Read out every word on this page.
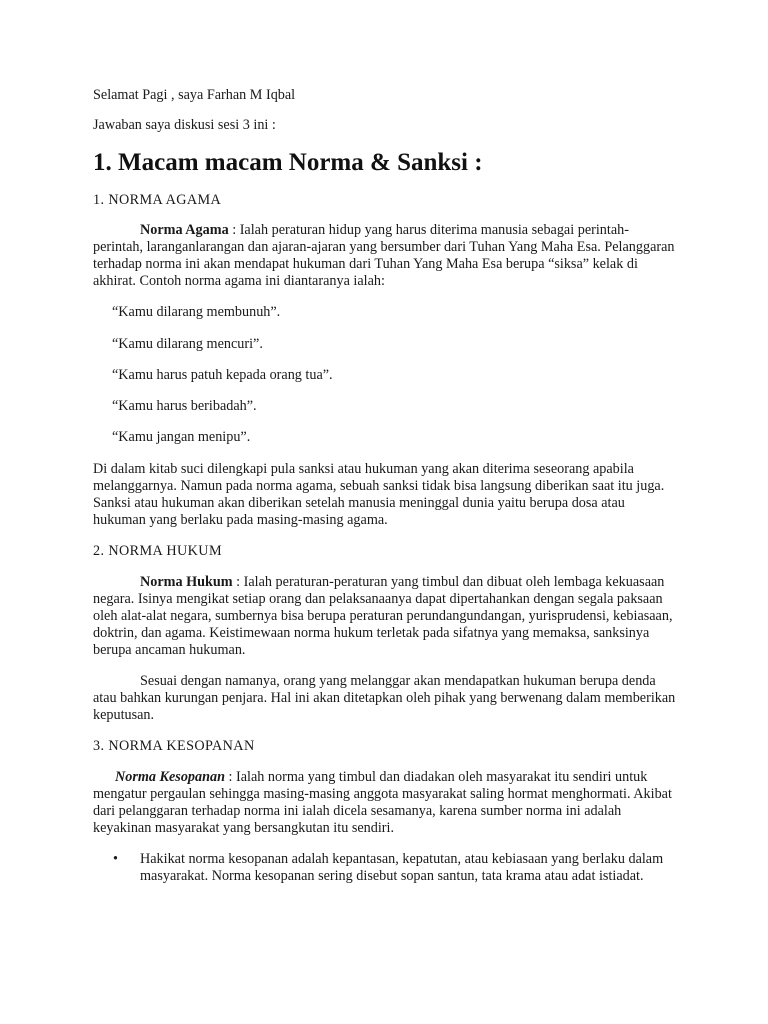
Selamat Pagi , saya Farhan M Iqbal

Jawaban saya diskusi sesi 3 ini :

1. Macam macam Norma & Sanksi :

1. NORMA AGAMA

Norma Agama : Ialah peraturan hidup yang harus diterima manusia sebagai perintah-perintah, laranganlarangan dan ajaran-ajaran yang bersumber dari Tuhan Yang Maha Esa. Pelanggaran terhadap norma ini akan mendapat hukuman dari Tuhan Yang Maha Esa berupa “siksa” kelak di akhirat. Contoh norma agama ini diantaranya ialah:

“Kamu dilarang membunuh”.

“Kamu dilarang mencuri”.

“Kamu harus patuh kepada orang tua”.

“Kamu harus beribadah”.

“Kamu jangan menipu”.

Di dalam kitab suci dilengkapi pula sanksi atau hukuman yang akan diterima seseorang apabila melanggarnya. Namun pada norma agama, sebuah sanksi tidak bisa langsung diberikan saat itu juga. Sanksi atau hukuman akan diberikan setelah manusia meninggal dunia yaitu berupa dosa atau hukuman yang berlaku pada masing-masing agama.

2. NORMA HUKUM

Norma Hukum : Ialah peraturan-peraturan yang timbul dan dibuat oleh lembaga kekuasaan negara. Isinya mengikat setiap orang dan pelaksanaanya dapat dipertahankan dengan segala paksaan oleh alat-alat negara, sumbernya bisa berupa peraturan perundangundangan, yurisprudensi, kebiasaan, doktrin, dan agama. Keistimewaan norma hukum terletak pada sifatnya yang memaksa, sanksinya berupa ancaman hukuman.

Sesuai dengan namanya, orang yang melanggar akan mendapatkan hukuman berupa denda atau bahkan kurungan penjara. Hal ini akan ditetapkan oleh pihak yang berwenang dalam memberikan keputusan.

3. NORMA KESOPANAN

Norma Kesopanan : Ialah norma yang timbul dan diadakan oleh masyarakat itu sendiri untuk mengatur pergaulan sehingga masing-masing anggota masyarakat saling hormat menghormati. Akibat dari pelanggaran terhadap norma ini ialah dicela sesamanya, karena sumber norma ini adalah keyakinan masyarakat yang bersangkutan itu sendiri.

• Hakikat norma kesopanan adalah kepantasan, kepatutan, atau kebiasaan yang berlaku dalam masyarakat. Norma kesopanan sering disebut sopan santun, tata krama atau adat istiadat.
